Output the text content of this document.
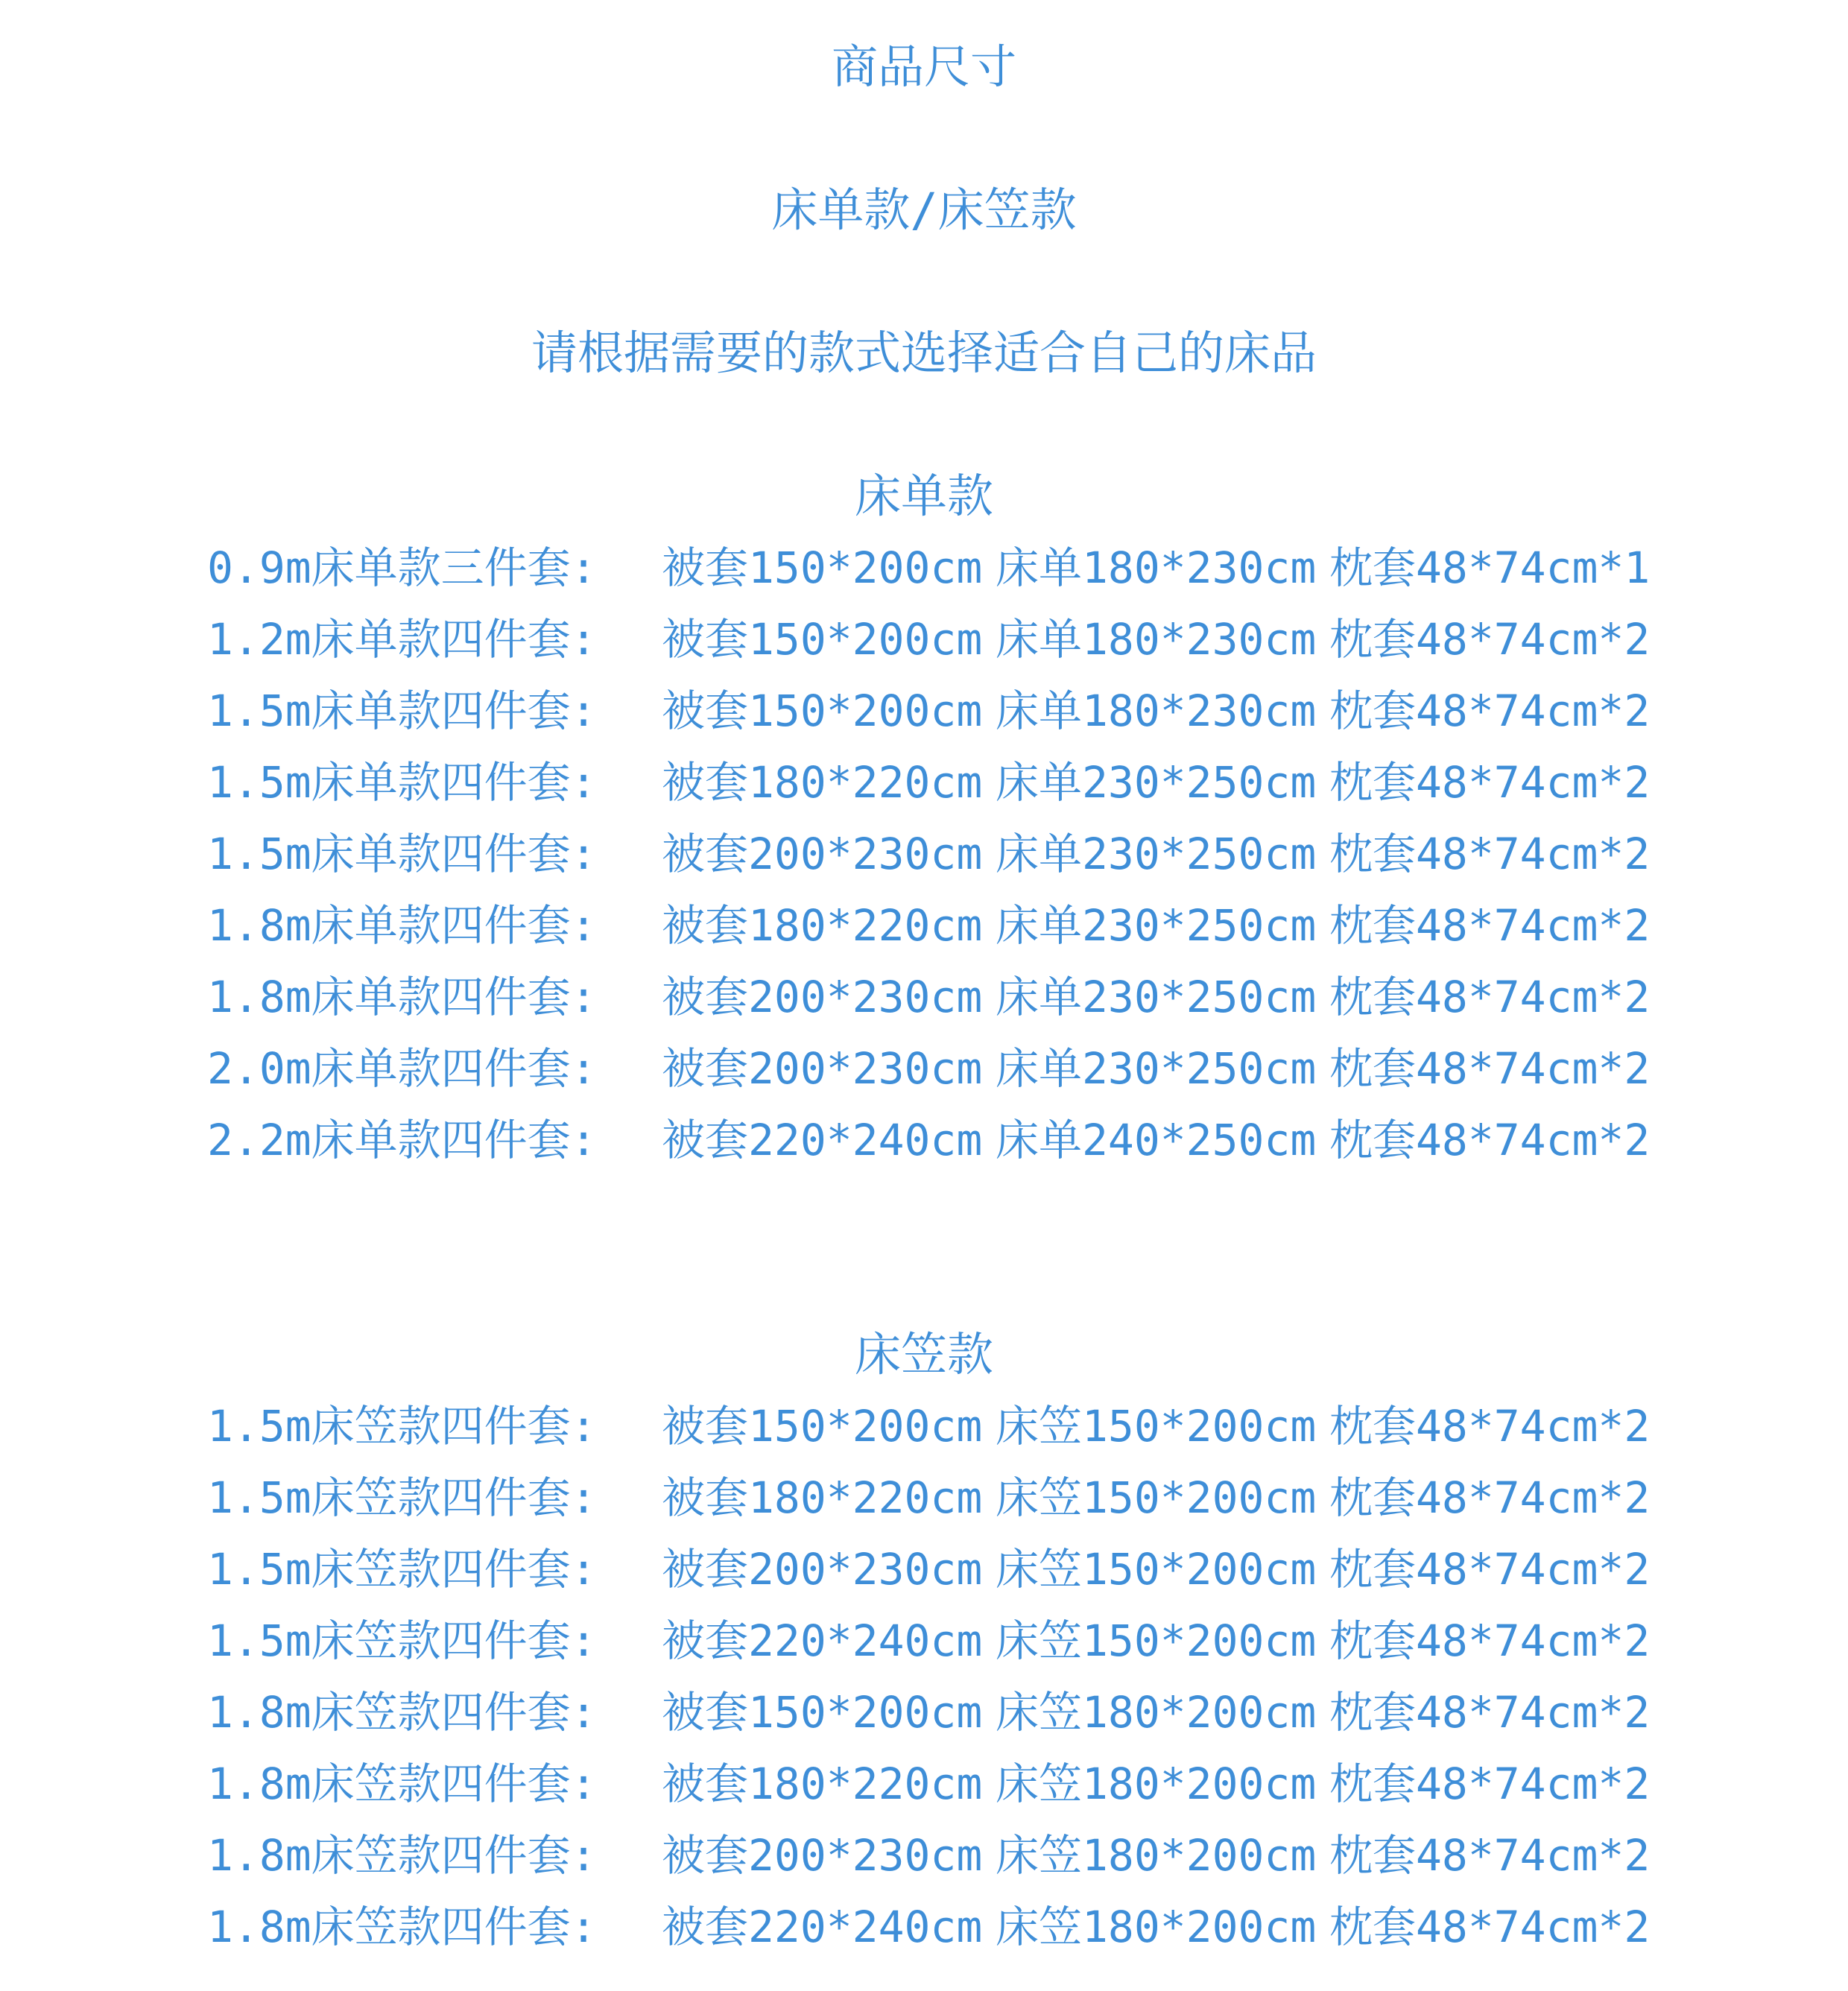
商品尺寸
床单款/床笠款

请根据需要的款式选择适合自己的床品

床单款
0.9m床单款三件套: 被套150*200cm 床单180*230cm 枕套48*74cm*1
1.2m床单款四件套: 被套150*200cm 床单180*230cm 枕套48*74cm*2
1.5m床单款四件套: 被套150*200cm 床单180*230cm 枕套48*74cm*2
1.5m床单款四件套: 被套180*220cm 床单230*250cm 枕套48*74cm*2
1.5m床单款四件套: 被套200*230cm 床单230*250cm 枕套48*74cm*2
1.8m床单款四件套: 被套180*220cm 床单230*250cm 枕套48*74cm*2
1.8m床单款四件套: 被套200*230cm 床单230*250cm 枕套48*74cm*2
2.0m床单款四件套: 被套200*230cm 床单230*250cm 枕套48*74cm*2
2.2m床单款四件套: 被套220*240cm 床单240*250cm 枕套48*74cm*2
床笠款
1.5m床笠款四件套: 被套150*200cm 床笠150*200cm 枕套48*74cm*2
1.5m床笠款四件套: 被套180*220cm 床笠150*200cm 枕套48*74cm*2
1.5m床笠款四件套: 被套200*230cm 床笠150*200cm 枕套48*74cm*2
1.5m床笠款四件套: 被套220*240cm 床笠150*200cm 枕套48*74cm*2
1.8m床笠款四件套: 被套150*200cm 床笠180*200cm 枕套48*74cm*2
1.8m床笠款四件套: 被套180*220cm 床笠180*200cm 枕套48*74cm*2
1.8m床笠款四件套: 被套200*230cm 床笠180*200cm 枕套48*74cm*2
1.8m床笠款四件套: 被套220*240cm 床笠180*200cm 枕套48*74cm*2
